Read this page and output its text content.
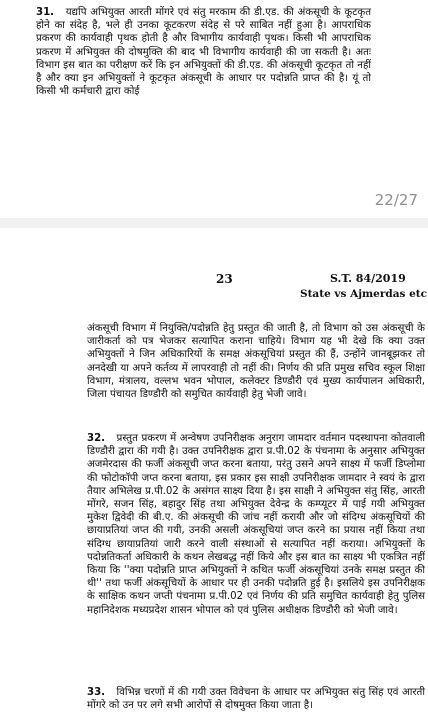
31. यद्यपि अभियुक्त आरती मोंगरे एवं संतु मरकाम की डी.एड. की अंकसूची के कूटकृत होने का संदेह है, भले ही उनका कूटकरण संदेह से परे साबित नहीं हुआ है। आपराधिक प्रकरण की कार्यवाही पृथक होती है और विभागीय कार्यवाही पृथक। किसी भी आपराधिक प्रकरण में अभियुक्त की दोषमुक्ति की बाद भी विभागीय कार्यवाही की जा सकती है। अतः विभाग इस बात का परीक्षण करें कि इन अभियुक्तों की डी.एड. की अंकसूची कूटकृत तो नहीं है और क्या इन अभियुक्तों ने कूटकृत अंकसूची के आधार पर पदोन्नति प्राप्त की है। यूं तो किसी भी कर्मचारी द्वारा कोई
22/27
23	S.T. 84/2019
State vs Ajmerdas etc
अंकसूची विभाग में नियुक्ति/पदोन्नति हेतु प्रस्तुत की जाती है, तो विभाग को उस अंकसूची के जारीकर्ता को पत्र भेजकर सत्यापित कराना चाहिये। विभाग यह भी देखे कि क्या उक्त अभियुक्तों ने जिन अधिकारियों के समक्ष अंकसूचियां प्रस्तुत की हैं, उन्होंने जानबूझकर तो अनदेखी या अपने कर्तव्य में लापरवाही तो नहीं की। निर्णय की प्रति प्रमुख सचिव स्कूल शिक्षा विभाग, मंत्रालय, वल्लभ भवन भोपाल, कलेक्टर डिण्डौरी एवं मुख्य कार्यपालन अधिकारी, जिला पंचायत डिण्डौरी को समुचित कार्यवाही हेतु भेजी जावे।
32. प्रस्तुत प्रकरण में अन्वेषण उपनिरीक्षक अनुराग जामदार वर्तमान पदस्थापना कोतवाली डिण्डौरी द्वारा की गयी है। उक्त उपनिरीक्षक द्वारा प्र.पी.02 के पंचनामा के अनुसार अभियुक्त अजमेरदास की फर्जी अंकसूची जप्त करना बताया, परंतु उसने अपने साक्ष्य में फर्जी डिप्लोमा की फोटोकॉपी जप्त करना बताया, इस प्रकार इस साक्षी उपनिरीक्षक जामदार ने स्वयं के द्वारा तैयार अभिलेख प्र.पी.02 के असंगत साक्ष्य दिया है। इस साक्षी ने अभियुक्त संतु सिंह, आरती मोंगरे, सजन सिंह, बहादुर सिंह तथा अभियुक्त देवेन्द्र के कम्प्यूटर में पाई गयी अभियुक्त मुकेश द्विवेदी की बी.ए. की अंकसूची की जांच नहीं करायी और जो संदिग्ध अंकसूचियों की छायाप्रतियां जप्त की गयी, उनकी असली अंकसूचियां जप्त करने का प्रयास नहीं किया तथा संदिग्ध छायाप्रतियां जारी करने वाली संस्थाओं से सत्यापित नहीं कराया। अभियुक्तों के पदोन्नतिकर्ता अधिकारी के कथन लेखबद्ध नहीं किये और इस बात का साक्ष्य भी एकत्रित नहीं किया कि ''क्या पदोन्नति प्राप्त अभियुक्तों ने कथित फर्जी अंकसूचियां उनके समक्ष प्रस्तुत की थी'' तथा फर्जी अंकसूचियों के आधार पर ही उनकी पदोन्नति हुई है। इसलिये इस उपनिरीक्षक के साक्षिक कथन जप्ती पंचनामा प्र.पी.02 एवं निर्णय की प्रति समुचित कार्यवाही हेतु पुलिस महानिदेशक मध्यप्रदेश शासन भोपाल को एवं पुलिस अधीक्षक डिण्डौरी को भेजी जावे।
33. विभिन्न चरणों में की गयी उक्त विवेचना के आधार पर अभियुक्त संतु सिंह एवं आरती मोंगरे को उन पर लगे सभी आरोपों से दोषमुक्त किया जाता है।
